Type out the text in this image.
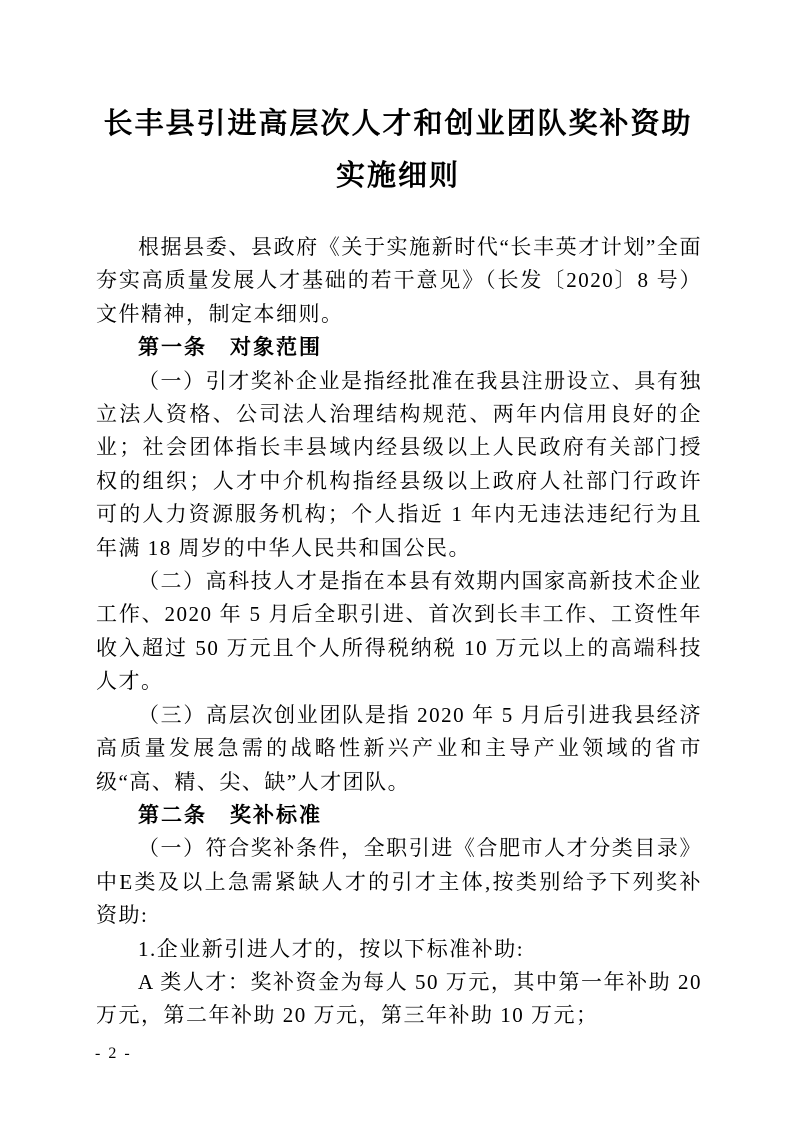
长丰县引进高层次人才和创业团队奖补资助
实施细则

根据县委、县政府《关于实施新时代“长丰英才计划”全面夯实高质量发展人才基础的若干意见》（长发〔2020〕8 号）文件精神，制定本细则。

第一条　对象范围

（一）引才奖补企业是指经批准在我县注册设立、具有独立法人资格、公司法人治理结构规范、两年内信用良好的企业；社会团体指长丰县域内经县级以上人民政府有关部门授权的组织；人才中介机构指经县级以上政府人社部门行政许可的人力资源服务机构；个人指近 1 年内无违法违纪行为且年满 18 周岁的中华人民共和国公民。

（二）高科技人才是指在本县有效期内国家高新技术企业工作、2020 年 5 月后全职引进、首次到长丰工作、工资性年收入超过 50 万元且个人所得税纳税 10 万元以上的高端科技人才。

（三）高层次创业团队是指 2020 年 5 月后引进我县经济高质量发展急需的战略性新兴产业和主导产业领域的省市级“高、精、尖、缺”人才团队。

第二条　奖补标准

（一）符合奖补条件，全职引进《合肥市人才分类目录》中E类及以上急需紧缺人才的引才主体,按类别给予下列奖补资助:

1.企业新引进人才的，按以下标准补助:

A 类人才：奖补资金为每人 50 万元，其中第一年补助 20 万元，第二年补助 20 万元，第三年补助 10 万元；

- 2 -
